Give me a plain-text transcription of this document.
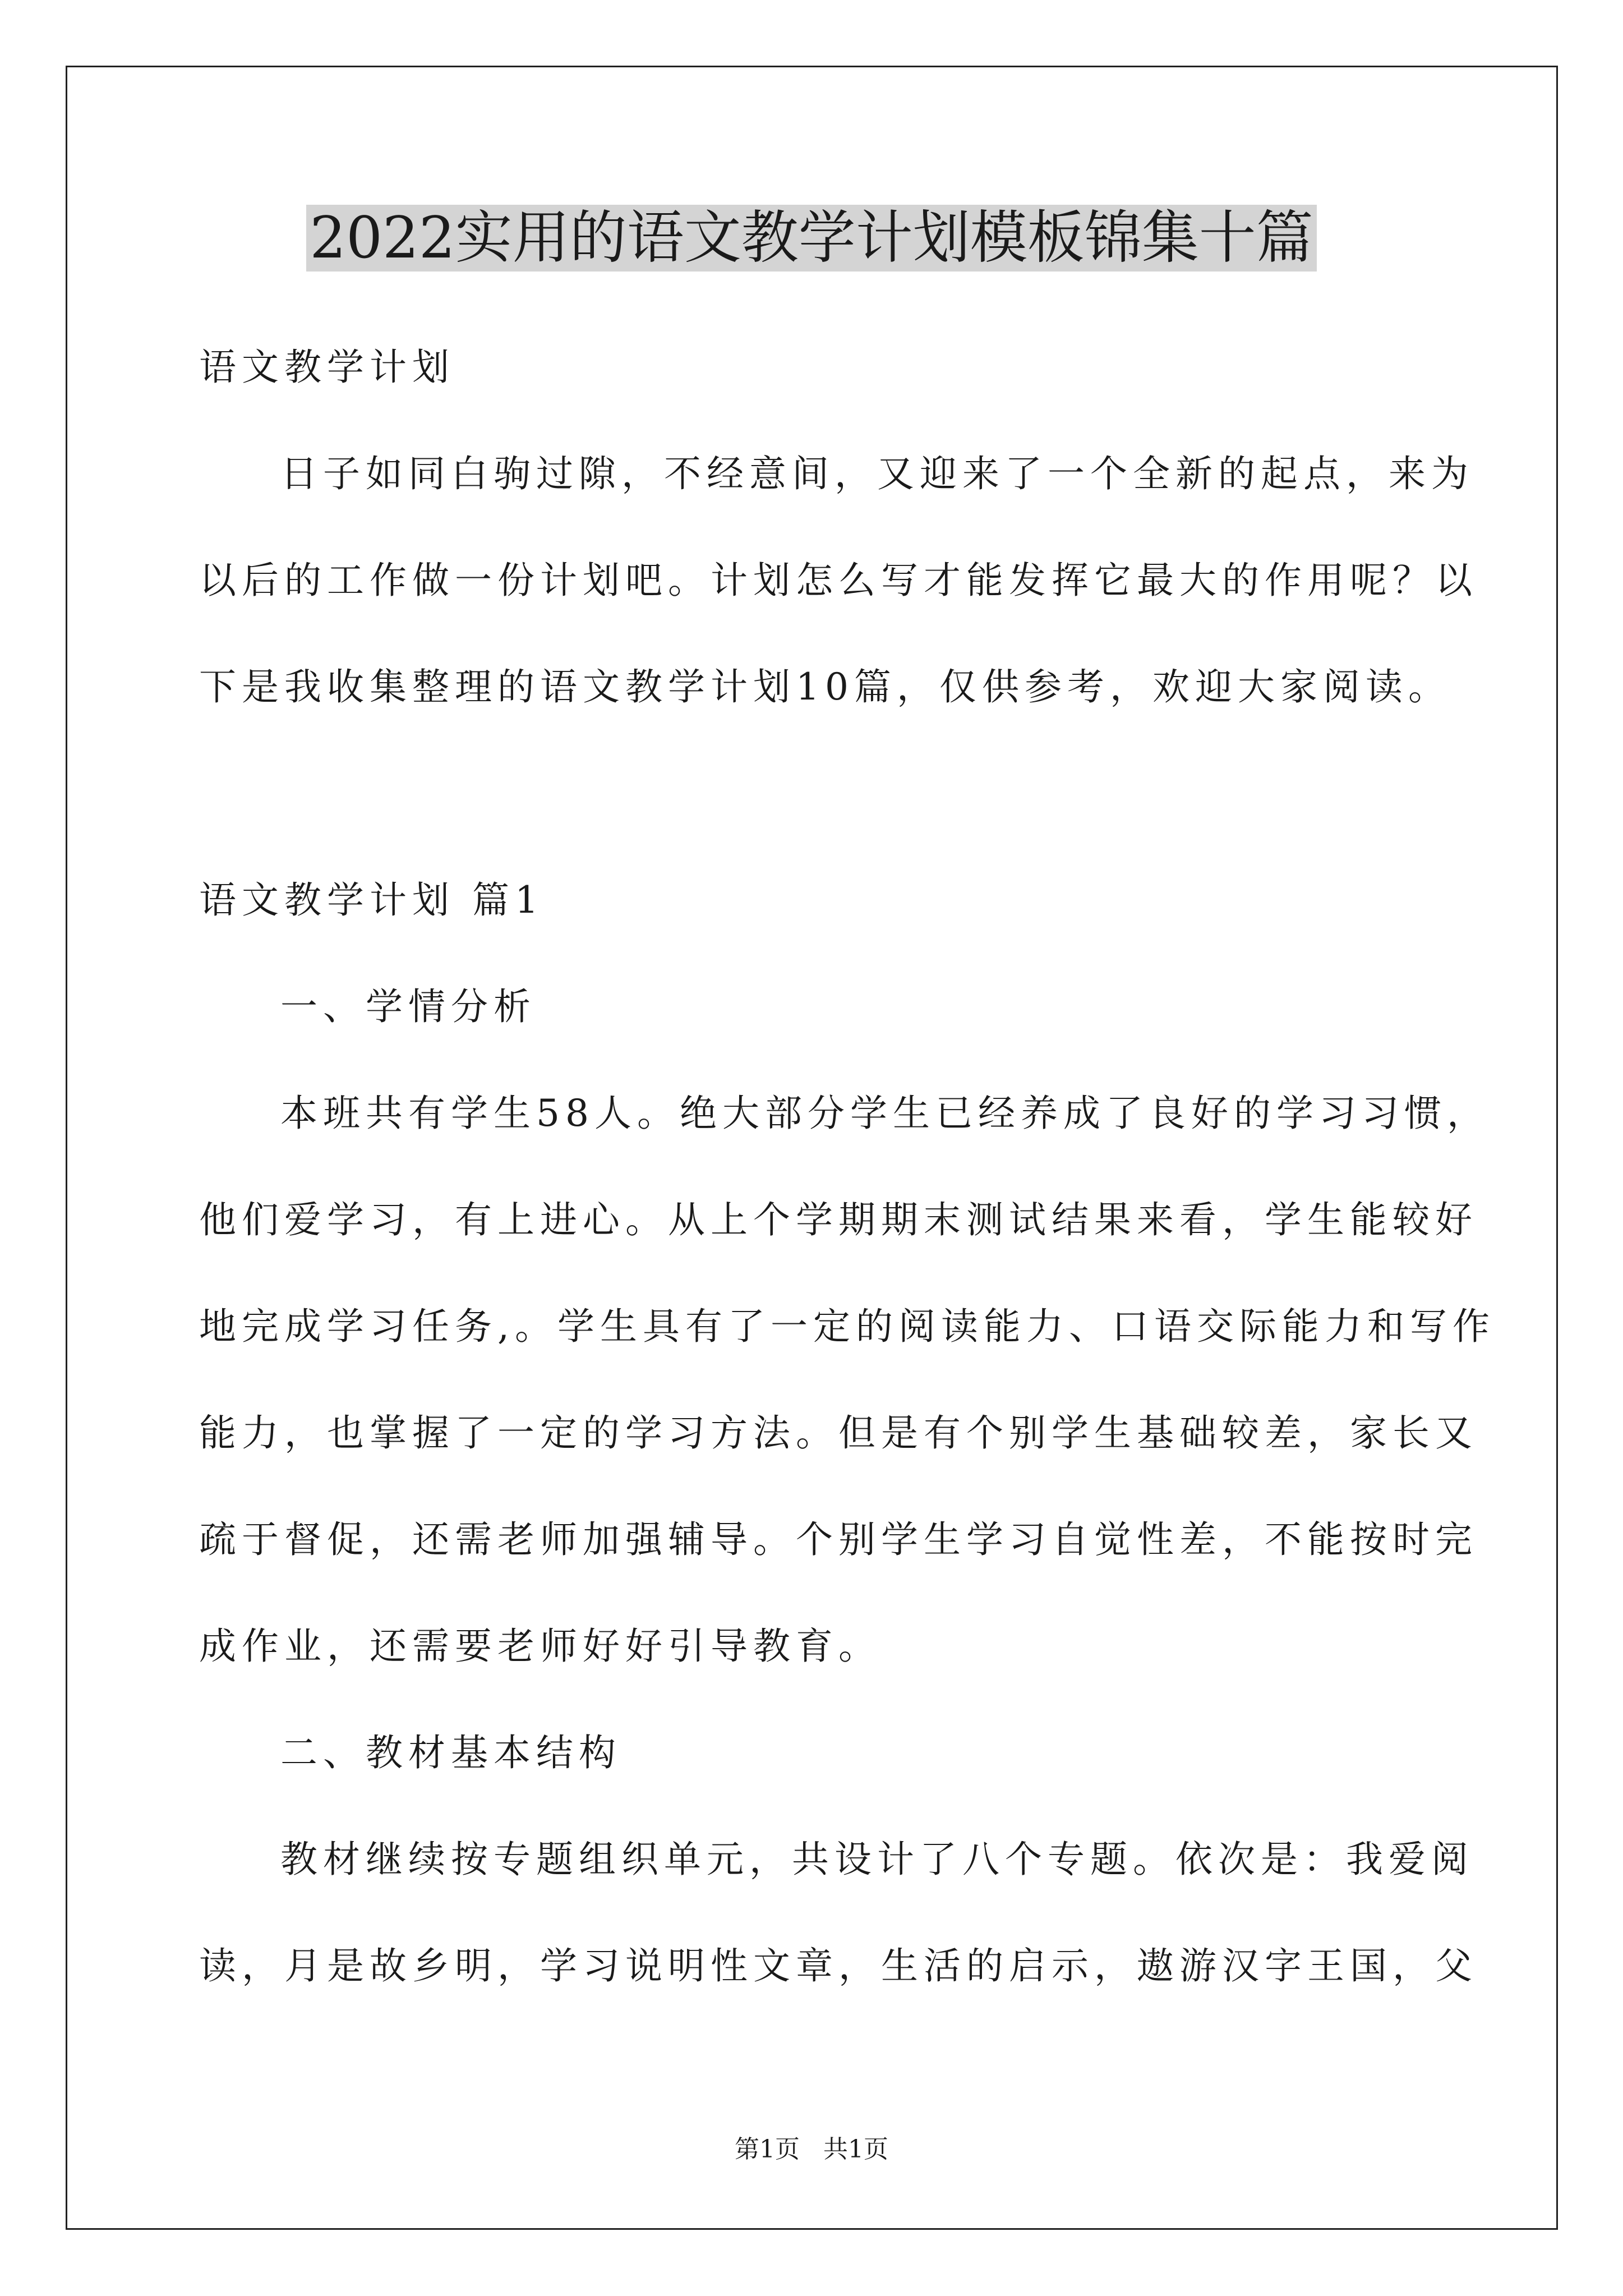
2022实用的语文教学计划模板锦集十篇
语文教学计划
日子如同白驹过隙，不经意间，又迎来了一个全新的起点，来为
以后的工作做一份计划吧。计划怎么写才能发挥它最大的作用呢？以
下是我收集整理的语文教学计划10篇，仅供参考，欢迎大家阅读。
语文教学计划 篇1
一、学情分析
本班共有学生58人。绝大部分学生已经养成了良好的学习习惯，
他们爱学习，有上进心。从上个学期期末测试结果来看，学生能较好
地完成学习任务,。学生具有了一定的阅读能力、口语交际能力和写作
能力，也掌握了一定的学习方法。但是有个别学生基础较差，家长又
疏于督促，还需老师加强辅导。个别学生学习自觉性差，不能按时完
成作业，还需要老师好好引导教育。
二、教材基本结构
教材继续按专题组织单元，共设计了八个专题。依次是：我爱阅
读，月是故乡明，学习说明性文章，生活的启示，遨游汉字王国，父
第1页   共1页
